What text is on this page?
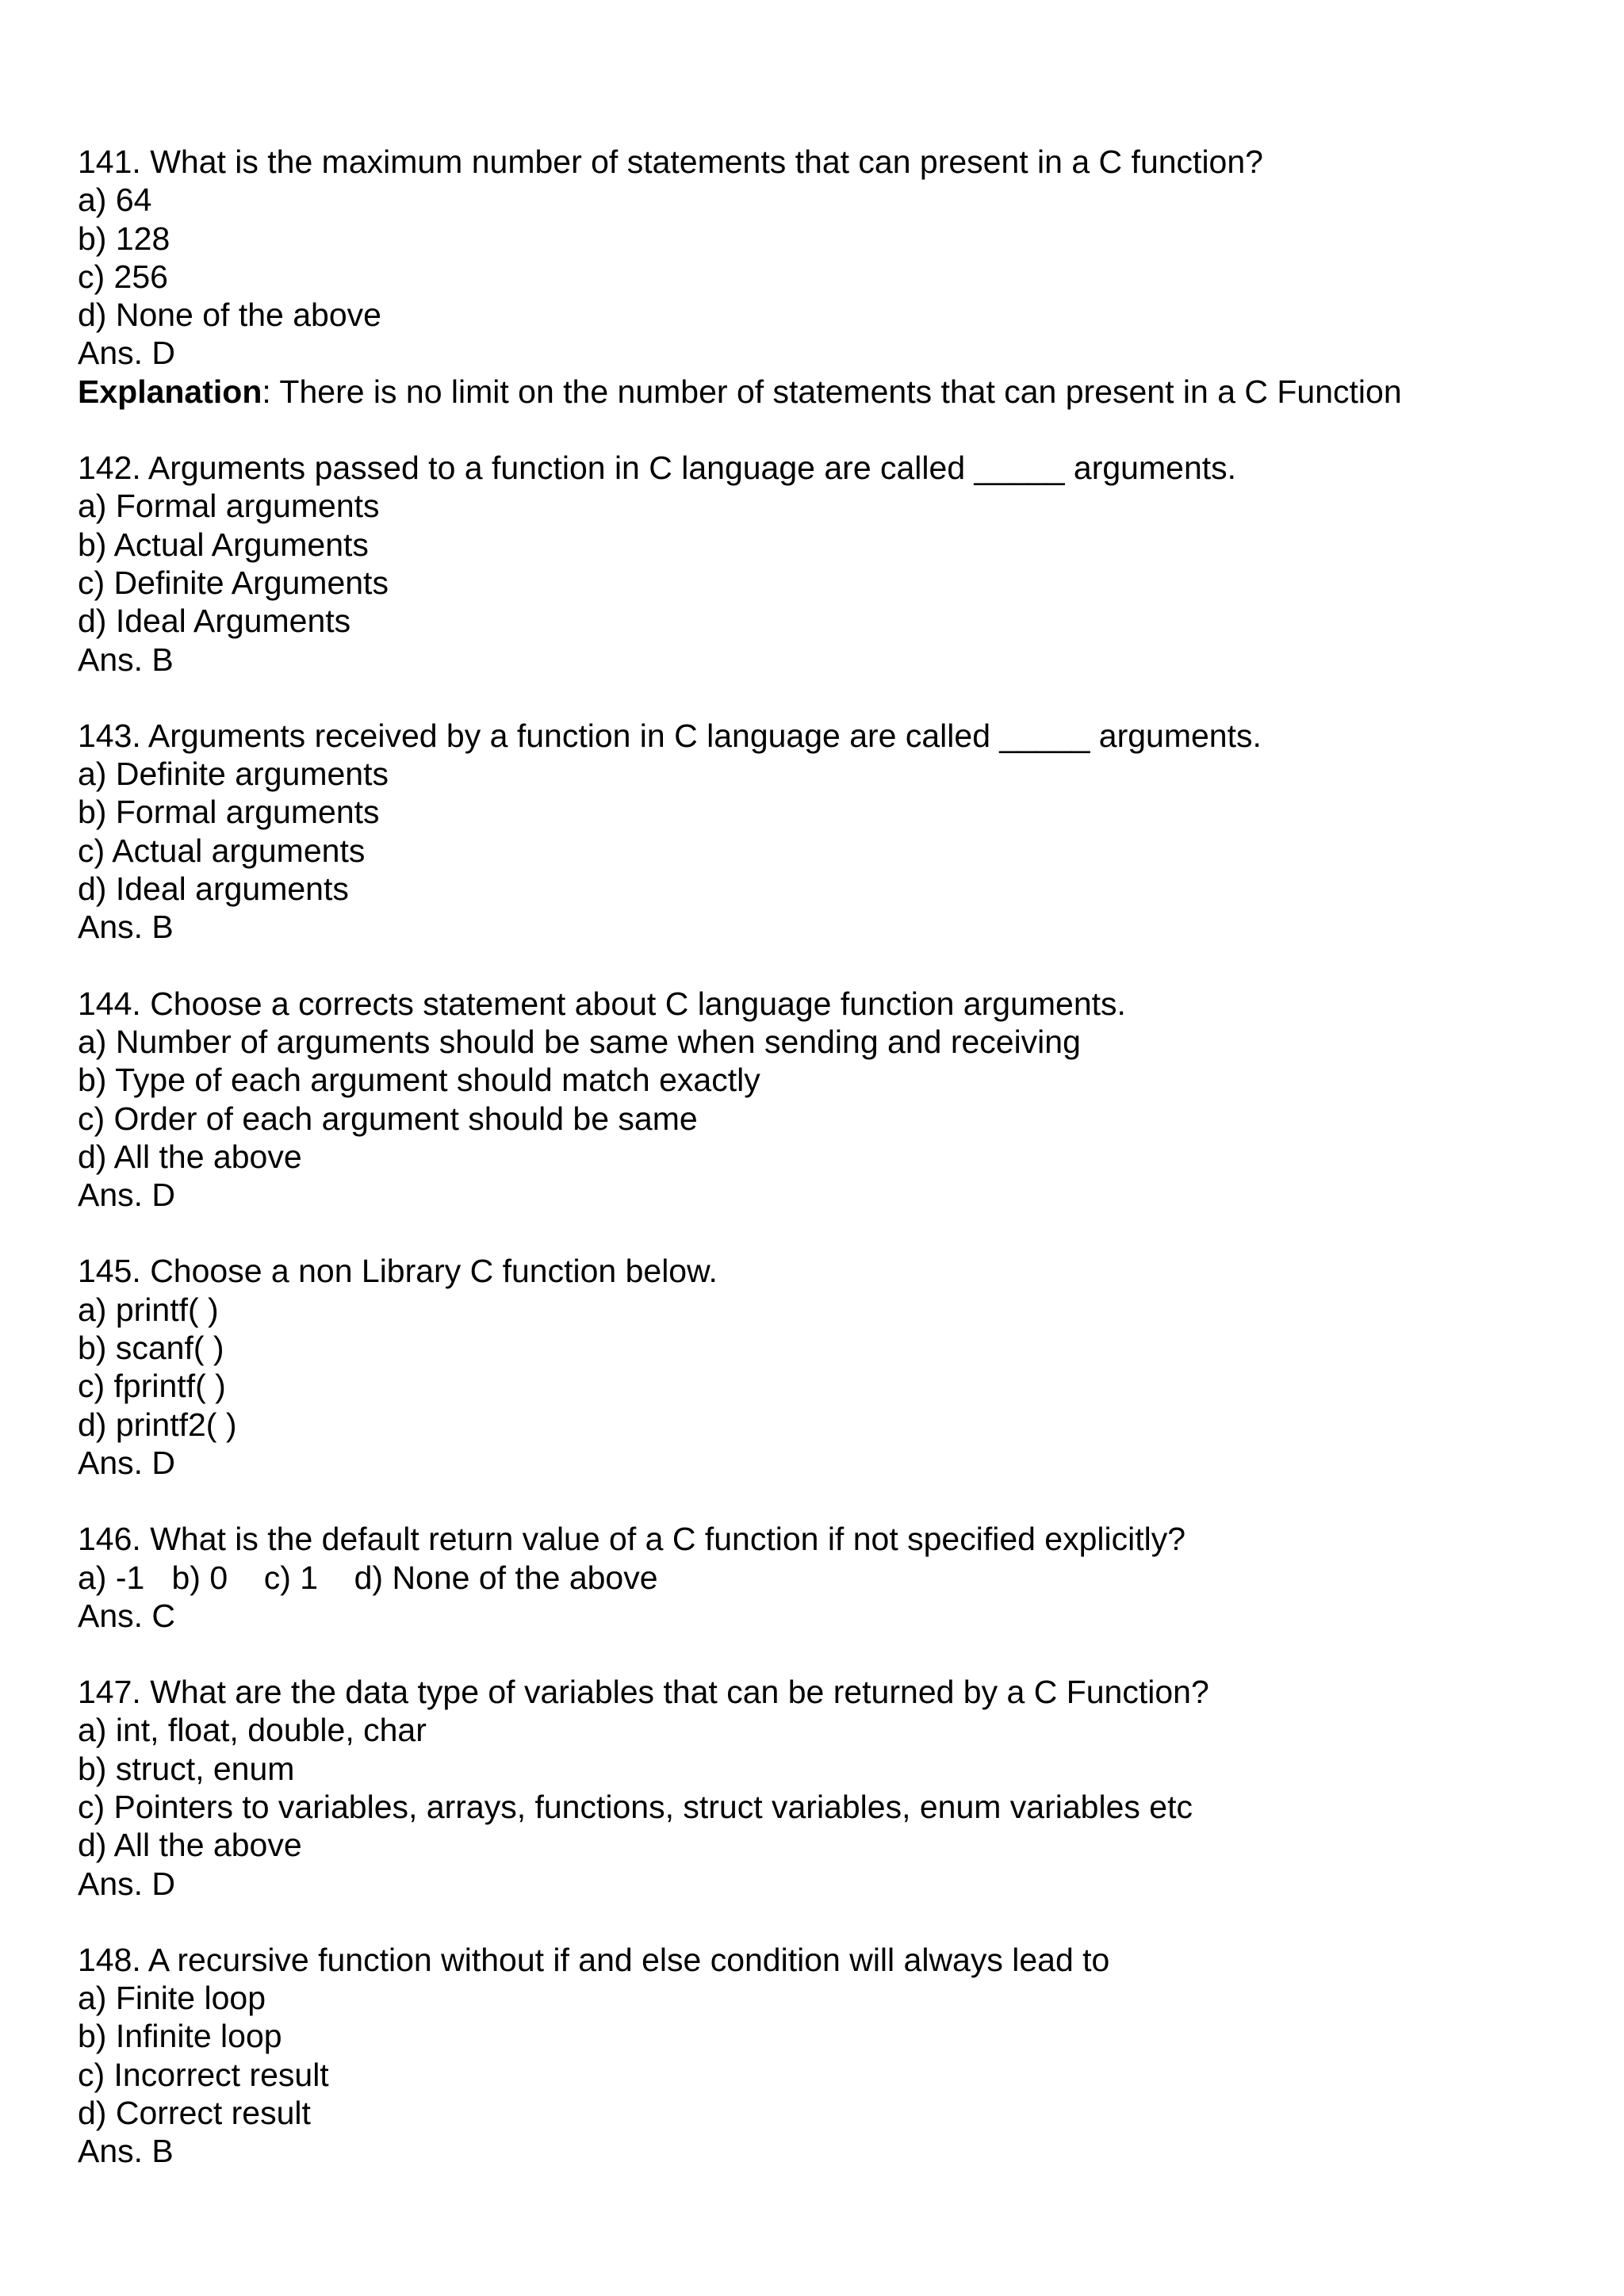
141. What is the maximum number of statements that can present in a C function?
a) 64
b) 128
c) 256
d) None of the above
Ans. D
Explanation: There is no limit on the number of statements that can present in a C Function
142. Arguments passed to a function in C language are called _____ arguments.
a) Formal arguments
b) Actual Arguments
c) Definite Arguments
d) Ideal Arguments
Ans. B
143. Arguments received by a function in C language are called _____ arguments.
a) Definite arguments
b) Formal arguments
c) Actual arguments
d) Ideal arguments
Ans. B
144. Choose a corrects statement about C language function arguments.
a) Number of arguments should be same when sending and receiving
b) Type of each argument should match exactly
c) Order of each argument should be same
d) All the above
Ans. D
145. Choose a non Library C function below.
a) printf( )
b) scanf( )
c) fprintf( )
d) printf2( )
Ans. D
146. What is the default return value of a C function if not specified explicitly?
a) -1   b) 0    c) 1    d) None of the above
Ans. C
147. What are the data type of variables that can be returned by a C Function?
a) int, float, double, char
b) struct, enum
c) Pointers to variables, arrays, functions, struct variables, enum variables etc
d) All the above
Ans. D
148. A recursive function without if and else condition will always lead to
a) Finite loop
b) Infinite loop
c) Incorrect result
d) Correct result
Ans. B
